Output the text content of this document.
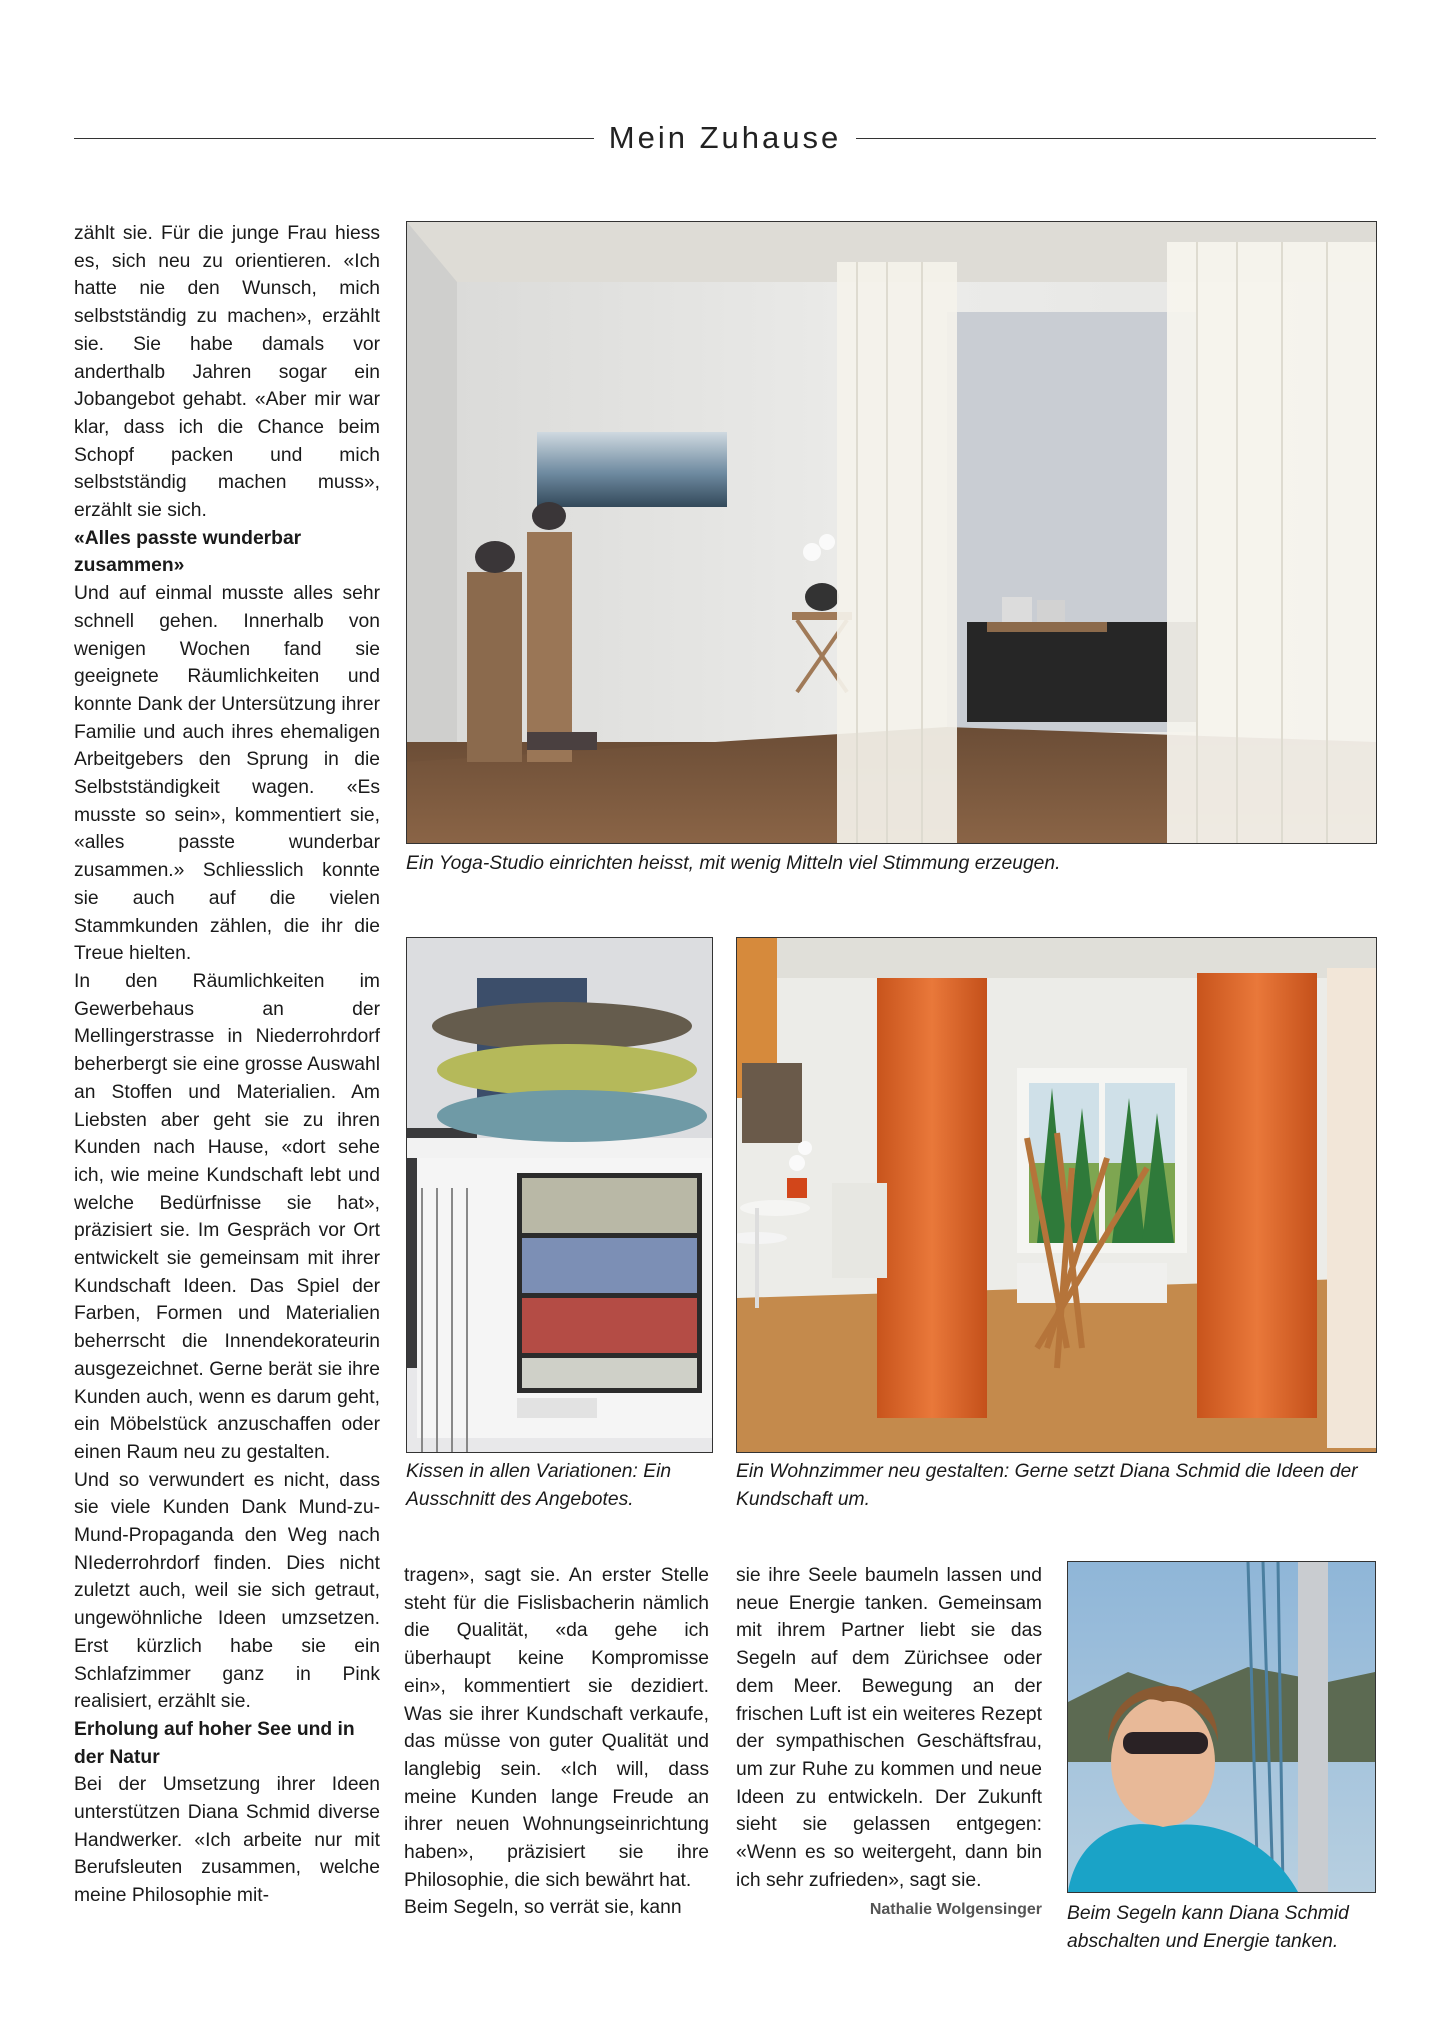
Mein Zuhause

zählt sie. Für die junge Frau hiess es, sich neu zu orientieren. «Ich hatte nie den Wunsch, mich selbstständig zu machen», erzählt sie. Sie habe damals vor anderthalb Jahren sogar ein Jobangebot gehabt. «Aber mir war klar, dass ich die Chance beim Schopf packen und mich selbstständig machen muss», erzählt sie sich.

«Alles passte wunderbar zusammen»

Und auf einmal musste alles sehr schnell gehen. Innerhalb von wenigen Wochen fand sie geeignete Räumlichkeiten und konnte Dank der Untersützung ihrer Familie und auch ihres ehemaligen Arbeitgebers den Sprung in die Selbstständigkeit wagen. «Es musste so sein», kommentiert sie, «alles passte wunderbar zusammen.» Schliesslich konnte sie auch auf die vielen Stammkunden zählen, die ihr die Treue hielten.

In den Räumlichkeiten im Gewerbehaus an der Mellingerstrasse in Niederrohrdorf beherbergt sie eine grosse Auswahl an Stoffen und Materialien. Am Liebsten aber geht sie zu ihren Kunden nach Hause, «dort sehe ich, wie meine Kundschaft lebt und welche Bedürfnisse sie hat», präzisiert sie. Im Gespräch vor Ort entwickelt sie gemeinsam mit ihrer Kundschaft Ideen. Das Spiel der Farben, Formen und Materialien beherrscht die Innendekorateurin ausgezeichnet. Gerne berät sie ihre Kunden auch, wenn es darum geht, ein Möbelstück anzuschaffen oder einen Raum neu zu gestalten.

Und so verwundert es nicht, dass sie viele Kunden Dank Mund-zu-Mund-Propaganda den Weg nach NIederrohrdorf finden. Dies nicht zuletzt auch, weil sie sich getraut, ungewöhnliche Ideen umzsetzen. Erst kürzlich habe sie ein Schlafzimmer ganz in Pink realisiert, erzählt sie.

Erholung auf hoher See und in der Natur

Bei der Umsetzung ihrer Ideen unterstützen Diana Schmid diverse Handwerker. «Ich arbeite nur mit Berufsleuten zusammen, welche meine Philosophie mit-

Ein Yoga-Studio einrichten heisst, mit wenig Mitteln viel Stimmung erzeugen.
Kissen in allen Variationen: Ein Ausschnitt des Angebotes.
Ein Wohnzimmer neu gestalten: Gerne setzt Diana Schmid die Ideen der Kundschaft um.

tragen», sagt sie. An erster Stelle steht für die Fislisbacherin nämlich die Qualität, «da gehe ich überhaupt keine Kompromisse ein», kommentiert sie dezidiert. Was sie ihrer Kundschaft verkaufe, das müsse von guter Qualität und langlebig sein. «Ich will, dass meine Kunden lange Freude an ihrer neuen Wohnungseinrichtung haben», präzisiert sie ihre Philosophie, die sich bewährt hat.

Beim Segeln, so verrät sie, kann

sie ihre Seele baumeln lassen und neue Energie tanken. Gemeinsam mit ihrem Partner liebt sie das Segeln auf dem Zürichsee oder dem Meer. Bewegung an der frischen Luft ist ein weiteres Rezept der sympathischen Geschäftsfrau, um zur Ruhe zu kommen und neue Ideen zu entwickeln. Der Zukunft sieht sie gelassen entgegen: «Wenn es so weitergeht, dann bin ich sehr zufrieden», sagt sie.

Nathalie Wolgensinger Beim Segeln kann Diana Schmid abschalten und Energie tanken.
